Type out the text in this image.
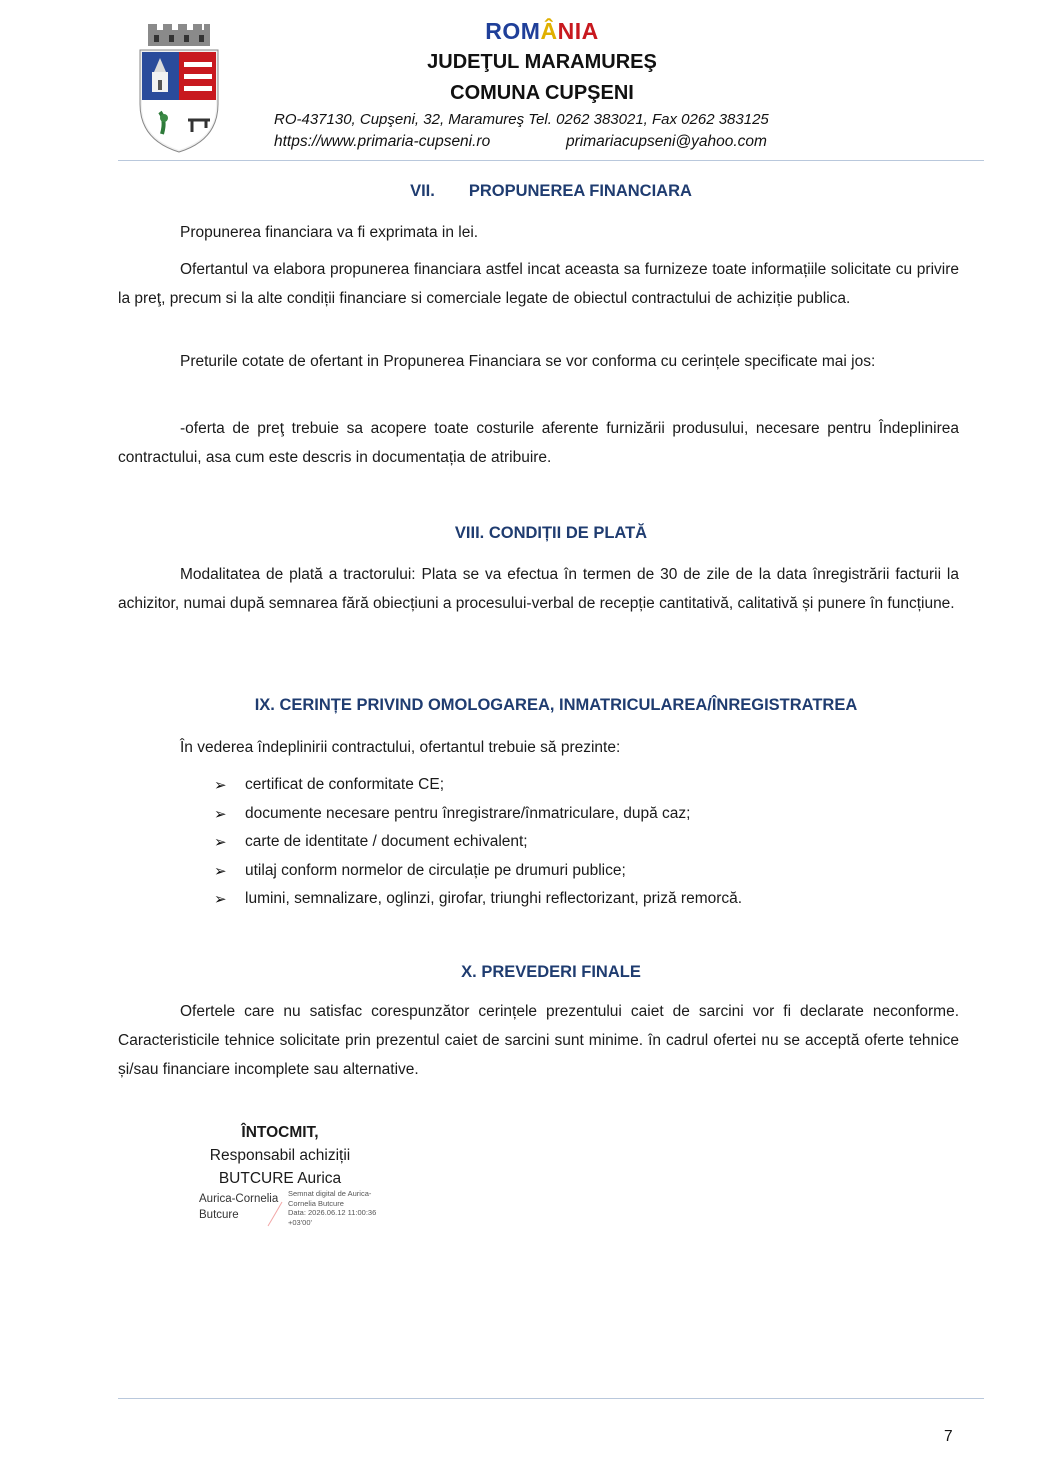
ROMÂNIA
JUDEŢUL MARAMUREŞ
COMUNA CUPŞENI
RO-437130, Cupşeni, 32, Maramureş Tel. 0262 383021, Fax 0262 383125
https://www.primaria-cupseni.ro	primariacupseni@yahoo.com
VII. PROPUNEREA FINANCIARA

Propunerea financiara va fi exprimata in lei.

Ofertantul va elabora propunerea financiara astfel incat aceasta sa furnizeze toate informațiile solicitate cu privire la preţ, precum si la alte condiții financiare si comerciale legate de obiectul contractului de achiziție publica.

Preturile cotate de ofertant in Propunerea Financiara se vor conforma cu cerințele specificate mai jos:

-oferta de preţ trebuie sa acopere toate costurile aferente furnizării produsului, necesare pentru Îndeplinirea contractului, asa cum este descris in documentația de atribuire.

VIII. CONDIȚII DE PLATĂ

Modalitatea de plată a tractorului: Plata se va efectua în termen de 30 de zile de la data înregistrării facturii la achizitor, numai după semnarea fără obiecțiuni a procesului-verbal de recepție cantitativă, calitativă și punere în funcțiune.

IX. CERINȚE PRIVIND OMOLOGAREA, INMATRICULAREA/ÎNREGISTRATREA

În vederea îndeplinirii contractului, ofertantul trebuie să prezinte:

➢	certificat de conformitate CE;
➢	documente necesare pentru înregistrare/înmatriculare, după caz;
➢	carte de identitate / document echivalent;
➢	utilaj conform normelor de circulație pe drumuri publice;
➢	lumini, semnalizare, oglinzi, girofar, triunghi reflectorizant, priză remorcă.
X. PREVEDERI FINALE

Ofertele care nu satisfac corespunzător cerințele prezentului caiet de sarcini vor fi declarate neconforme. Caracteristicile tehnice solicitate prin prezentul caiet de sarcini sunt minime. în cadrul ofertei nu se acceptă oferte tehnice și/sau financiare incomplete sau alternative.

ÎNTOCMIT,
Responsabil achiziții
BUTCURE Aurica
Aurica-Cornelia
Butcure
Semnat digital de Aurica-
Cornelia Butcure
Data: 2026.06.12 11:00:36
+03'00'
7
